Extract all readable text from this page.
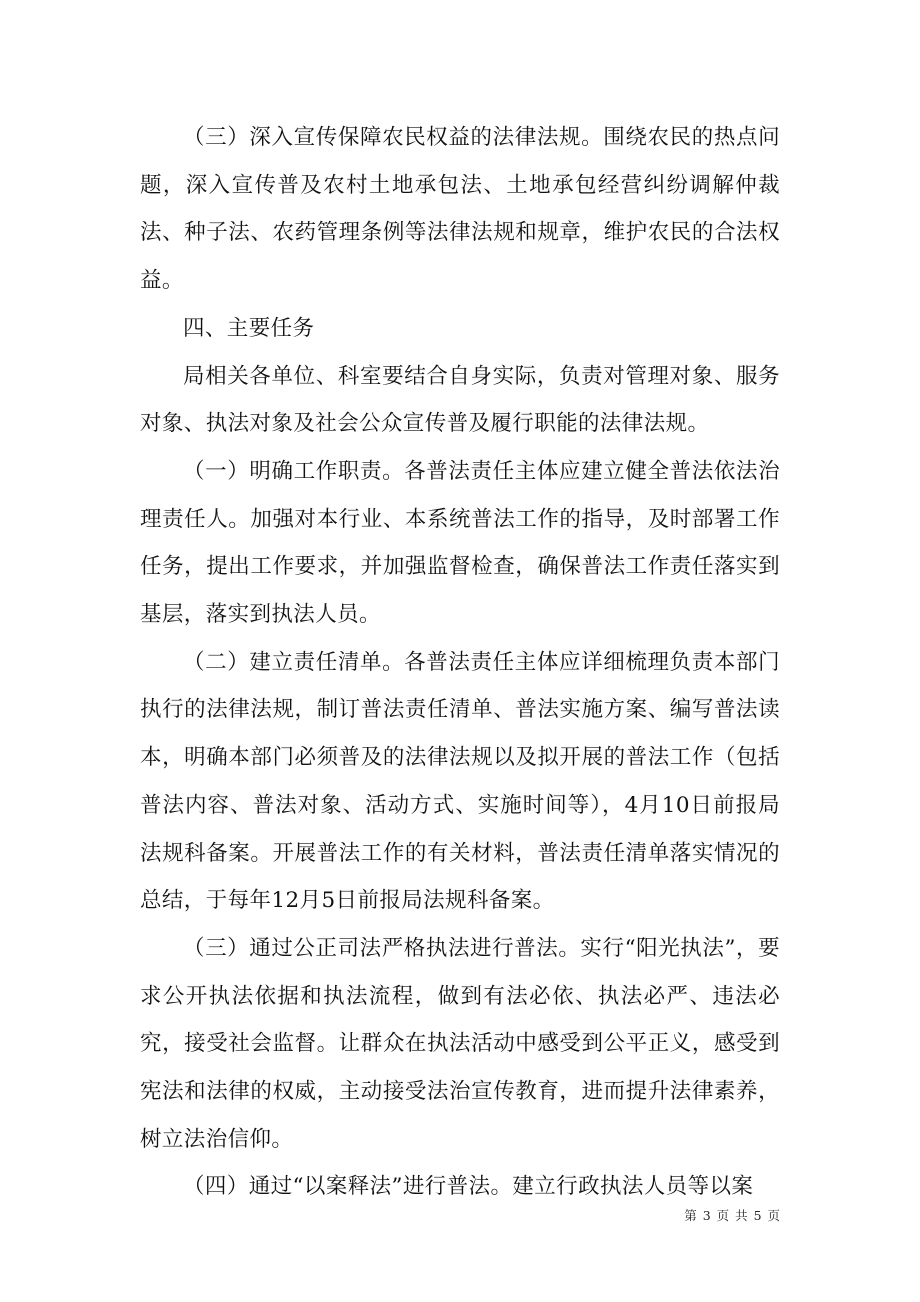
（三）深入宣传保障农民权益的法律法规。围绕农民的热点问题，深入宣传普及农村土地承包法、土地承包经营纠纷调解仲裁法、种子法、农药管理条例等法律法规和规章，维护农民的合法权益。

四、主要任务

局相关各单位、科室要结合自身实际，负责对管理对象、服务对象、执法对象及社会公众宣传普及履行职能的法律法规。

（一）明确工作职责。各普法责任主体应建立健全普法依法治理责任人。加强对本行业、本系统普法工作的指导，及时部署工作任务，提出工作要求，并加强监督检查，确保普法工作责任落实到基层，落实到执法人员。

（二）建立责任清单。各普法责任主体应详细梳理负责本部门执行的法律法规，制订普法责任清单、普法实施方案、编写普法读本，明确本部门必须普及的法律法规以及拟开展的普法工作（包括普法内容、普法对象、活动方式、实施时间等），4月10日前报局法规科备案。开展普法工作的有关材料，普法责任清单落实情况的总结，于每年12月5日前报局法规科备案。

（三）通过公正司法严格执法进行普法。实行“阳光执法”，要求公开执法依据和执法流程，做到有法必依、执法必严、违法必究，接受社会监督。让群众在执法活动中感受到公平正义，感受到宪法和法律的权威，主动接受法治宣传教育，进而提升法律素养，树立法治信仰。

（四）通过“以案释法”进行普法。建立行政执法人员等以案

第 3 页 共 5 页
